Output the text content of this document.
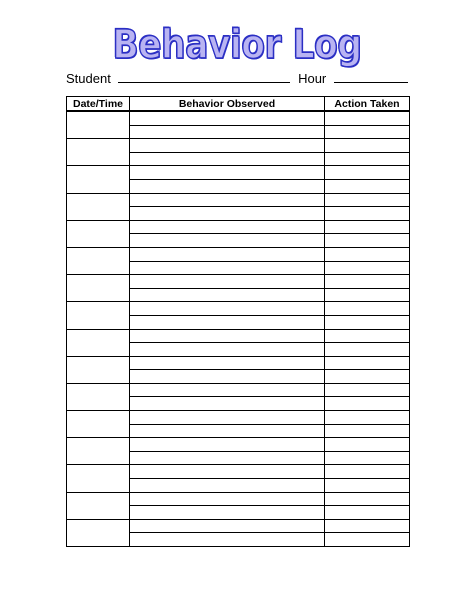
Behavior Log
Student	Hour
Date/Time	Behavior Observed	Action Taken
